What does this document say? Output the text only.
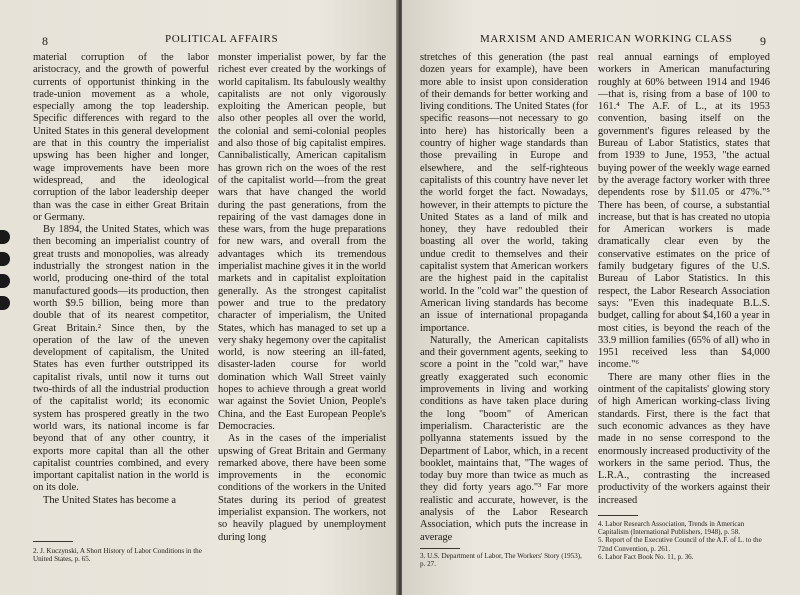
8	POLITICAL AFFAIRS

material corruption of the labor aristocracy, and the growth of powerful currents of opportunist thinking in the trade-union movement as a whole, especially among the top leadership. Specific differences with regard to the United States in this general development are that in this country the imperialist upswing has been higher and longer, wage improvements have been more widespread, and the ideological corruption of the labor leadership deeper than was the case in either Great Britain or Germany.

By 1894, the United States, which was then becoming an imperialist country of great trusts and monopolies, was already industrially the strongest nation in the world, producing one-third of the total manufactured goods—its production, then worth $9.5 billion, being more than double that of its nearest competitor, Great Britain.² Since then, by the operation of the law of the uneven development of capitalism, the United States has even further outstripped its capitalist rivals, until now it turns out two-thirds of all the industrial production of the capitalist world; its economic system has prospered greatly in the two world wars, its national income is far beyond that of any other country, it exports more capital than all the other capitalist countries combined, and every important capitalist nation in the world is on its dole.

The United States has become a

2. J. Kuczynski, A Short History of Labor Conditions in the United States, p. 65.

monster imperialist power, by far the richest ever created by the workings of world capitalism. Its fabulously wealthy capitalists are not only vigorously exploiting the American people, but also other peoples all over the world, the colonial and semi-colonial peoples and also those of big capitalist empires. Cannibalistically, American capitalism has grown rich on the woes of the rest of the capitalist world—from the great wars that have changed the world during the past generations, from the repairing of the vast damages done in these wars, from the huge preparations for new wars, and overall from the advantages which its tremendous imperialist machine gives it in the world markets and in capitalist exploitation generally. As the strongest capitalist power and true to the predatory character of imperialism, the United States, which has managed to set up a very shaky hegemony over the capitalist world, is now steering an ill-fated, disaster-laden course for world domination which Wall Street vainly hopes to achieve through a great world war against the Soviet Union, People's China, and the East European People's Democracies.

As in the cases of the imperialist upswing of Great Britain and Germany remarked above, there have been some improvements in the economic conditions of the workers in the United States during its period of greatest imperialist expansion. The workers, not so heavily plagued by unemployment during long

MARXISM AND AMERICAN WORKING CLASS 9

stretches of this generation (the past dozen years for example), have been more able to insist upon consideration of their demands for better working and living conditions. The United States (for specific reasons—not necessary to go into here) has historically been a country of higher wage standards than those prevailing in Europe and elsewhere, and the self-righteous capitalists of this country have never let the world forget the fact. Nowadays, however, in their attempts to picture the United States as a land of milk and honey, they have redoubled their boasting all over the world, taking undue credit to themselves and their capitalist system that American workers are the highest paid in the capitalist world. In the "cold war" the question of American living standards has become an issue of international propaganda importance.

Naturally, the American capitalists and their government agents, seeking to score a point in the "cold war," have greatly exaggerated such economic improvements in living and working conditions as have taken place during the long "boom" of American imperialism. Characteristic are the pollyanna statements issued by the Department of Labor, which, in a recent booklet, maintains that, "The wages of today buy more than twice as much as they did forty years ago."³ Far more realistic and accurate, however, is the analysis of the Labor Research Association, which puts the increase in average

3. U.S. Department of Labor, The Workers' Story (1953), p. 27.

real annual earnings of employed workers in American manufacturing roughly at 60% between 1914 and 1946—that is, rising from a base of 100 to 161.⁴ The A.F. of L., at its 1953 convention, basing itself on the government's figures released by the Bureau of Labor Statistics, states that from 1939 to June, 1953, "the actual buying power of the weekly wage earned by the average factory worker with three dependents rose by $11.05 or 47%."⁵ There has been, of course, a substantial increase, but that is has created no utopia for American workers is made dramatically clear even by the conservative estimates on the price of family budgetary figures of the U.S. Bureau of Labor Statistics. In this respect, the Labor Research Association says: "Even this inadequate B.L.S. budget, calling for about $4,160 a year in most cities, is beyond the reach of the 33.9 million families (65% of all) who in 1951 received less than $4,000 income."⁶

There are many other flies in the ointment of the capitalists' glowing story of high American working-class living standards. First, there is the fact that such economic advances as they have made in no sense correspond to the enormously increased productivity of the workers in the same period. Thus, the L.R.A., contrasting the increased productivity of the workers against their increased

4. Labor Research Association, Trends in American Capitalism (International Publishers, 1948), p. 58.
5. Report of the Executive Council of the A.F. of L. to the 72nd Convention, p. 261.
6. Labor Fact Book No. 11, p. 36.
